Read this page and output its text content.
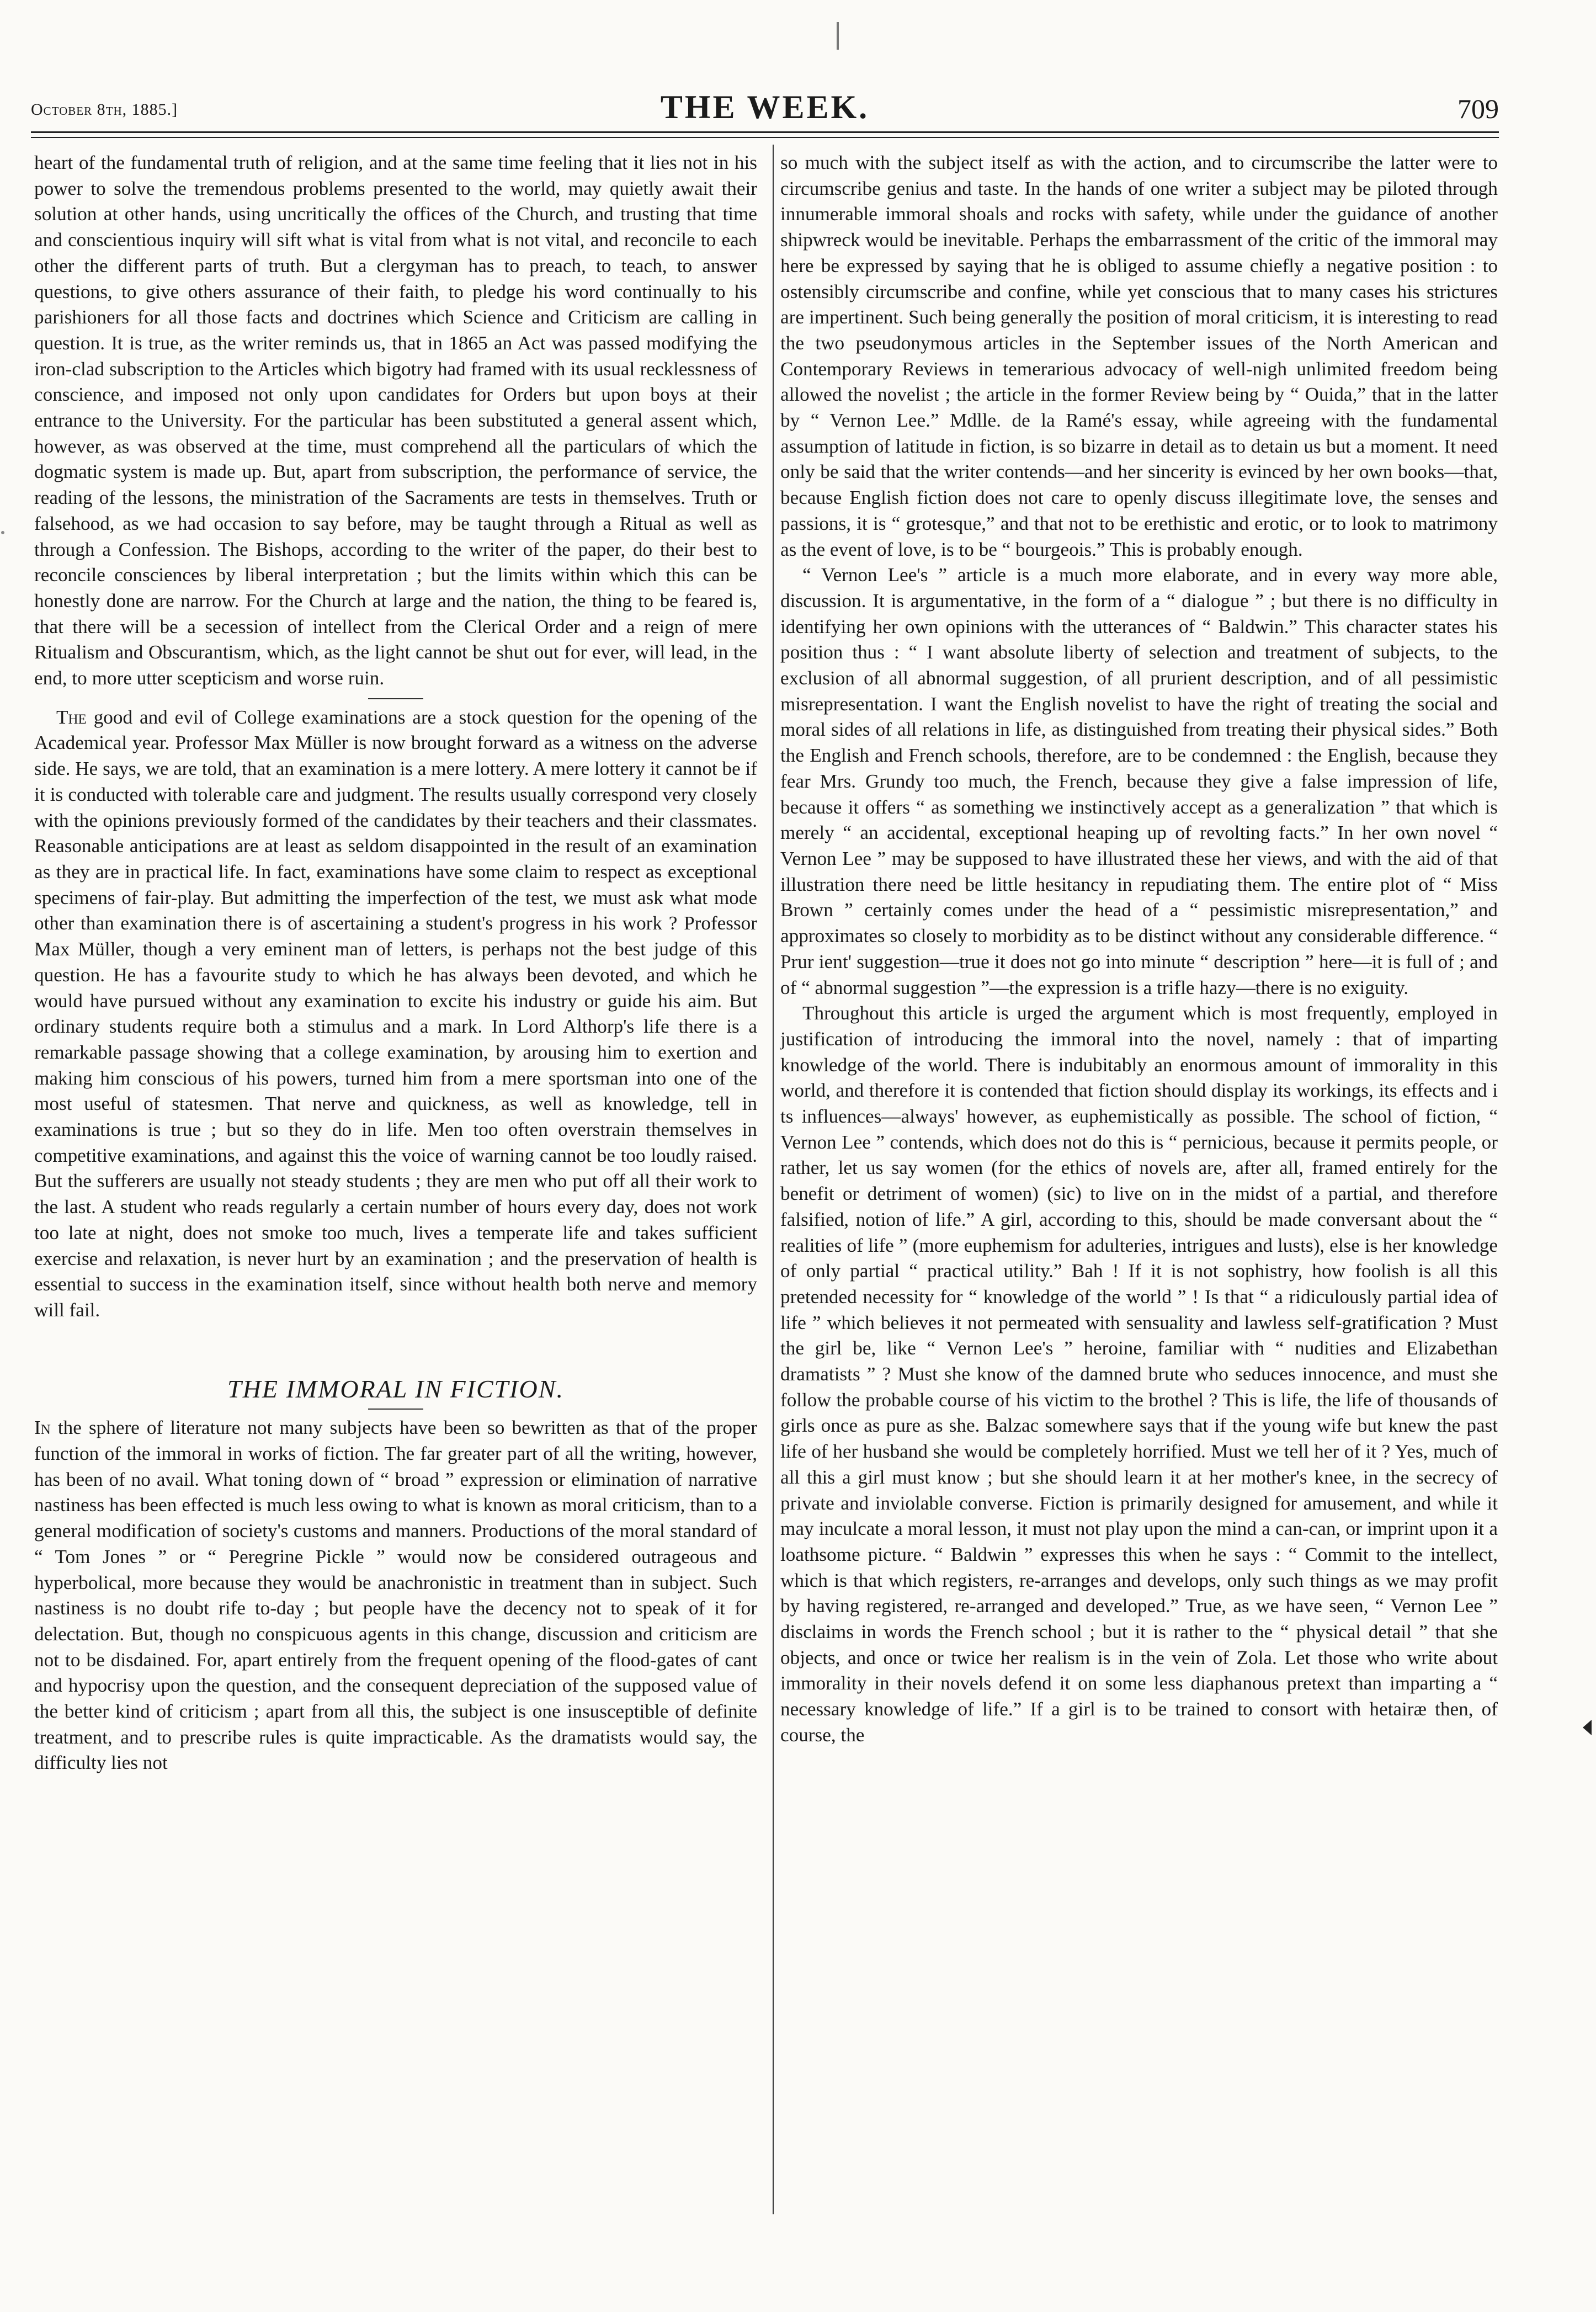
October 8th, 1885.]	THE WEEK.	709

heart of the fundamental truth of religion, and at the same time feeling that it lies not in his power to solve the tremendous problems presented to the world, may quietly await their solution at other hands, using uncritically the offices of the Church, and trusting that time and conscientious inquiry will sift what is vital from what is not vital, and reconcile to each other the different parts of truth. But a clergyman has to preach, to teach, to answer questions, to give others assurance of their faith, to pledge his word continually to his parishioners for all those facts and doctrines which Science and Criticism are calling in question. It is true, as the writer reminds us, that in 1865 an Act was passed modifying the iron-clad subscription to the Articles which bigotry had framed with its usual recklessness of conscience, and imposed not only upon candidates for Orders but upon boys at their entrance to the University. For the particular has been substituted a general assent which, however, as was observed at the time, must comprehend all the particulars of which the dogmatic system is made up. But, apart from subscription, the performance of service, the reading of the lessons, the ministration of the Sacraments are tests in themselves. Truth or falsehood, as we had occasion to say before, may be taught through a Ritual as well as through a Confession. The Bishops, according to the writer of the paper, do their best to reconcile consciences by liberal interpretation ; but the limits within which this can be honestly done are narrow. For the Church at large and the nation, the thing to be feared is, that there will be a secession of intellect from the Clerical Order and a reign of mere Ritualism and Obscurantism, which, as the light cannot be shut out for ever, will lead, in the end, to more utter scepticism and worse ruin.

The good and evil of College examinations are a stock question for the opening of the Academical year. Professor Max Müller is now brought forward as a witness on the adverse side. He says, we are told, that an examination is a mere lottery. A mere lottery it cannot be if it is conducted with tolerable care and judgment. The results usually correspond very closely with the opinions previously formed of the candidates by their teachers and their classmates. Reasonable anticipations are at least as seldom disappointed in the result of an examination as they are in practical life. In fact, examinations have some claim to respect as exceptional specimens of fair-play. But admitting the imperfection of the test, we must ask what mode other than examination there is of ascertaining a student's progress in his work ? Professor Max Müller, though a very eminent man of letters, is perhaps not the best judge of this question. He has a favourite study to which he has always been devoted, and which he would have pursued without any examination to excite his industry or guide his aim. But ordinary students require both a stimulus and a mark. In Lord Althorp's life there is a remarkable passage showing that a college examination, by arousing him to exertion and making him conscious of his powers, turned him from a mere sportsman into one of the most useful of statesmen. That nerve and quickness, as well as knowledge, tell in examinations is true ; but so they do in life. Men too often overstrain themselves in competitive examinations, and against this the voice of warning cannot be too loudly raised. But the sufferers are usually not steady students ; they are men who put off all their work to the last. A student who reads regularly a certain number of hours every day, does not work too late at night, does not smoke too much, lives a temperate life and takes sufficient exercise and relaxation, is never hurt by an examination ; and the preservation of health is essential to success in the examination itself, since without health both nerve and memory will fail.

THE IMMORAL IN FICTION.

In the sphere of literature not many subjects have been so bewritten as that of the proper function of the immoral in works of fiction. The far greater part of all the writing, however, has been of no avail. What toning down of “ broad ” expression or elimination of narrative nastiness has been effected is much less owing to what is known as moral criticism, than to a general modification of society's customs and manners. Productions of the moral standard of “ Tom Jones ” or “ Peregrine Pickle ” would now be considered outrageous and hyperbolical, more because they would be anachronistic in treatment than in subject. Such nastiness is no doubt rife to-day ; but people have the decency not to speak of it for delectation. But, though no conspicuous agents in this change, discussion and criticism are not to be disdained. For, apart entirely from the frequent opening of the flood-gates of cant and hypocrisy upon the question, and the consequent depreciation of the supposed value of the better kind of criticism ; apart from all this, the subject is one insusceptible of definite treatment, and to prescribe rules is quite impracticable. As the dramatists would say, the difficulty lies not

so much with the subject itself as with the action, and to circumscribe the latter were to circumscribe genius and taste. In the hands of one writer a subject may be piloted through innumerable immoral shoals and rocks with safety, while under the guidance of another shipwreck would be inevitable. Perhaps the embarrassment of the critic of the immoral may here be expressed by saying that he is obliged to assume chiefly a negative position : to ostensibly circumscribe and confine, while yet conscious that to many cases his strictures are impertinent. Such being generally the position of moral criticism, it is interesting to read the two pseudonymous articles in the September issues of the North American and Contemporary Reviews in temerarious advocacy of well-nigh unlimited freedom being allowed the novelist ; the article in the former Review being by “ Ouida,” that in the latter by “ Vernon Lee.” Mdlle. de la Ramé's essay, while agreeing with the fundamental assumption of latitude in fiction, is so bizarre in detail as to detain us but a moment. It need only be said that the writer contends—and her sincerity is evinced by her own books—that, because English fiction does not care to openly discuss illegitimate love, the senses and passions, it is “ grotesque,” and that not to be erethistic and erotic, or to look to matrimony as the event of love, is to be “ bourgeois.” This is probably enough.

“ Vernon Lee's ” article is a much more elaborate, and in every way more able, discussion. It is argumentative, in the form of a “ dialogue ” ; but there is no difficulty in identifying her own opinions with the utterances of “ Baldwin.” This character states his position thus : “ I want absolute liberty of selection and treatment of subjects, to the exclusion of all abnormal suggestion, of all prurient description, and of all pessimistic misrepresentation. I want the English novelist to have the right of treating the social and moral sides of all relations in life, as distinguished from treating their physical sides.” Both the English and French schools, therefore, are to be condemned : the English, because they fear Mrs. Grundy too much, the French, because they give a false impression of life, because it offers “ as something we instinctively accept as a generalization ” that which is merely “ an accidental, exceptional heaping up of revolting facts.” In her own novel “ Vernon Lee ” may be supposed to have illustrated these her views, and with the aid of that illustration there need be little hesitancy in repudiating them. The entire plot of “ Miss Brown ” certainly comes under the head of a “ pessimistic misrepresentation,” and approximates so closely to morbidity as to be distinct without any considerable difference. “ Prur ient' suggestion—true it does not go into minute “ description ” here—it is full of ; and of “ abnormal suggestion ”—the expression is a trifle hazy—there is no exiguity.

Throughout this article is urged the argument which is most frequently, employed in justification of introducing the immoral into the novel, namely : that of imparting knowledge of the world. There is indubitably an enormous amount of immorality in this world, and therefore it is contended that fiction should display its workings, its effects and i ts influences—always' however, as euphemistically as possible. The school of fiction, “ Vernon Lee ” contends, which does not do this is “ pernicious, because it permits people, or rather, let us say women (for the ethics of novels are, after all, framed entirely for the benefit or detriment of women) (sic) to live on in the midst of a partial, and therefore falsified, notion of life.” A girl, according to this, should be made conversant about the “ realities of life ” (more euphemism for adulteries, intrigues and lusts), else is her knowledge of only partial “ practical utility.” Bah ! If it is not sophistry, how foolish is all this pretended necessity for “ knowledge of the world ” ! Is that “ a ridiculously partial idea of life ” which believes it not permeated with sensuality and lawless self-gratification ? Must the girl be, like “ Vernon Lee's ” heroine, familiar with “ nudities and Elizabethan dramatists ” ? Must she know of the damned brute who seduces innocence, and must she follow the probable course of his victim to the brothel ? This is life, the life of thousands of girls once as pure as she. Balzac somewhere says that if the young wife but knew the past life of her husband she would be completely horrified. Must we tell her of it ? Yes, much of all this a girl must know ; but she should learn it at her mother's knee, in the secrecy of private and inviolable converse. Fiction is primarily designed for amusement, and while it may inculcate a moral lesson, it must not play upon the mind a can-can, or imprint upon it a loathsome picture. “ Baldwin ” expresses this when he says : “ Commit to the intellect, which is that which registers, re-arranges and develops, only such things as we may profit by having registered, re-arranged and developed.” True, as we have seen, “ Vernon Lee ” disclaims in words the French school ; but it is rather to the “ physical detail ” that she objects, and once or twice her realism is in the vein of Zola. Let those who write about immorality in their novels defend it on some less diaphanous pretext than imparting a “ necessary knowledge of life.” If a girl is to be trained to consort with hetairæ then, of course, the
